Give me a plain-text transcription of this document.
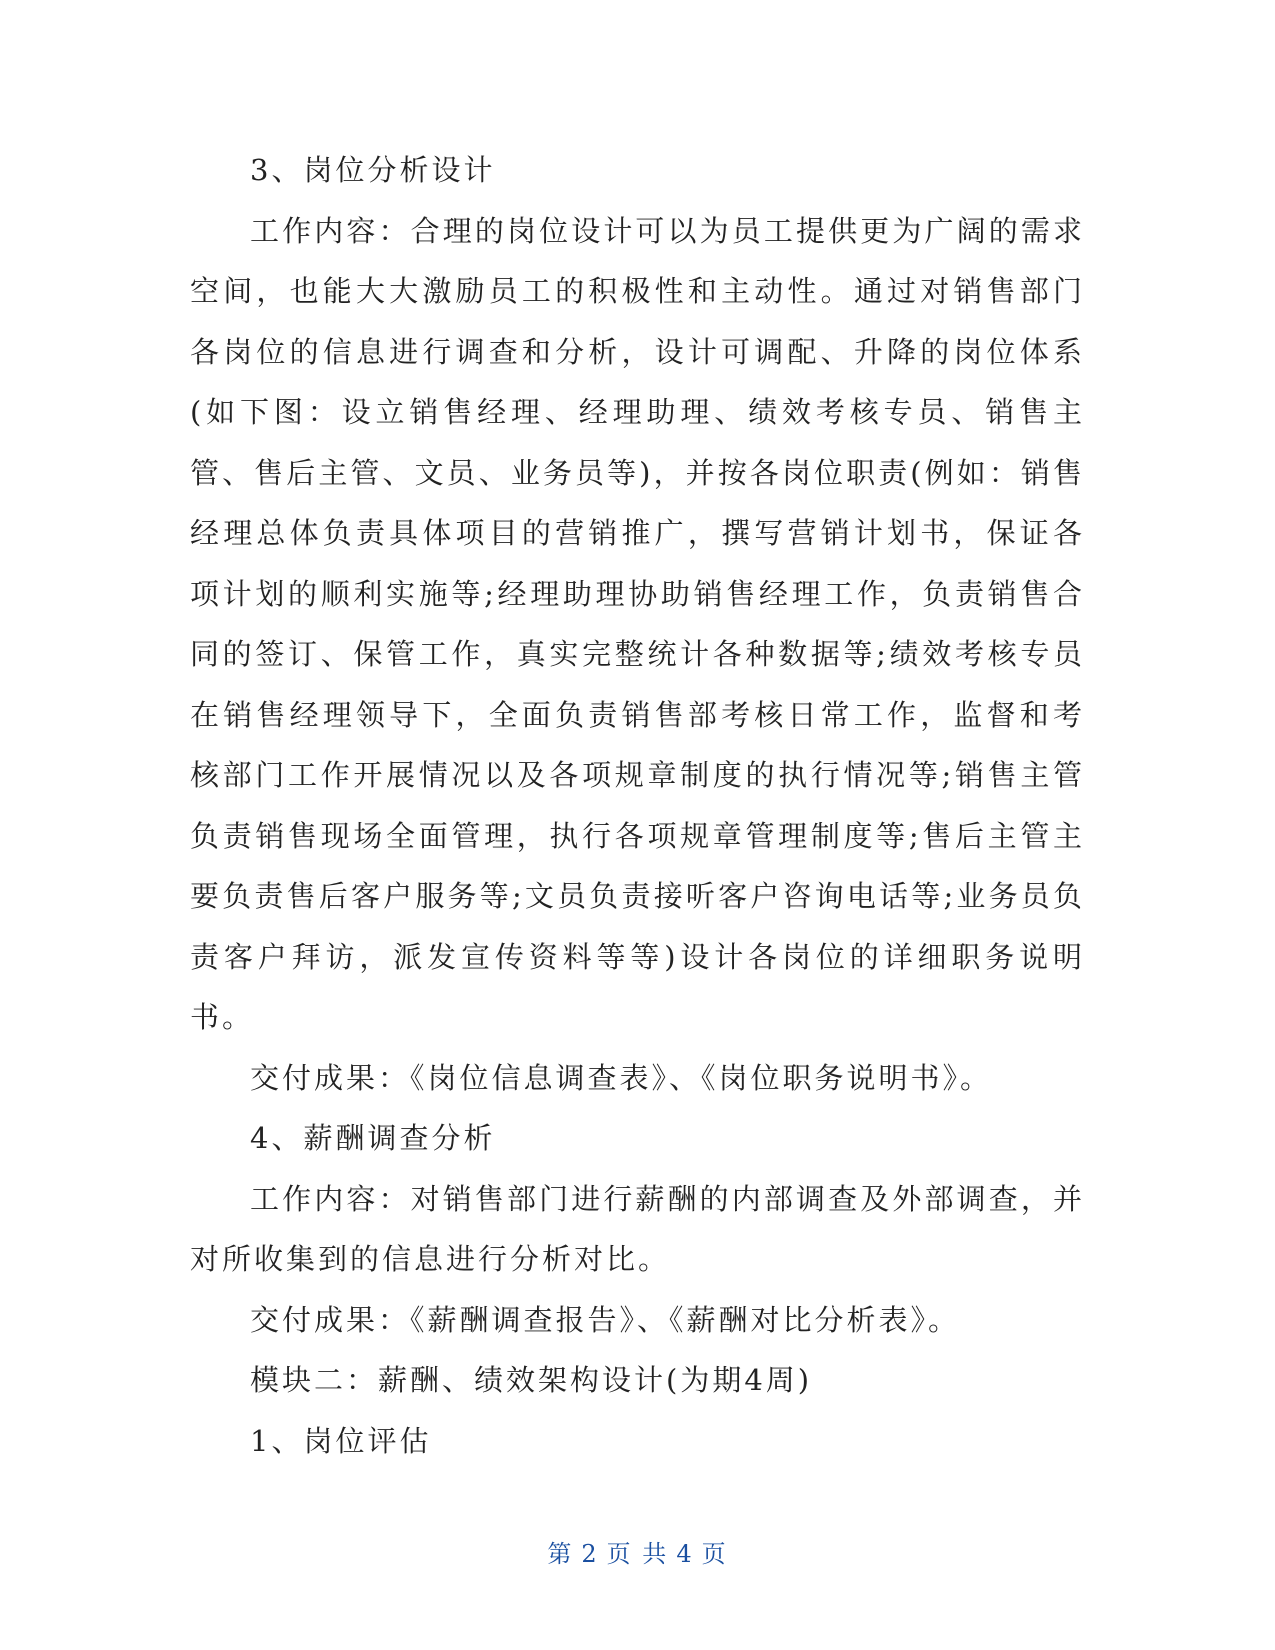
3、岗位分析设计

工作内容：合理的岗位设计可以为员工提供更为广阔的需求空间，也能大大激励员工的积极性和主动性。通过对销售部门各岗位的信息进行调查和分析，设计可调配、升降的岗位体系(如下图：设立销售经理、经理助理、绩效考核专员、销售主管、售后主管、文员、业务员等)，并按各岗位职责(例如：销售经理总体负责具体项目的营销推广，撰写营销计划书，保证各项计划的顺利实施等;经理助理协助销售经理工作，负责销售合同的签订、保管工作，真实完整统计各种数据等;绩效考核专员在销售经理领导下，全面负责销售部考核日常工作，监督和考核部门工作开展情况以及各项规章制度的执行情况等;销售主管负责销售现场全面管理，执行各项规章管理制度等;售后主管主要负责售后客户服务等;文员负责接听客户咨询电话等;业务员负责客户拜访，派发宣传资料等等)设计各岗位的详细职务说明书。

交付成果：《岗位信息调查表》、《岗位职务说明书》。

4、薪酬调查分析

工作内容：对销售部门进行薪酬的内部调查及外部调查，并对所收集到的信息进行分析对比。

交付成果：《薪酬调查报告》、《薪酬对比分析表》。

模块二：薪酬、绩效架构设计(为期4周)

1、岗位评估

第 2 页 共 4 页
